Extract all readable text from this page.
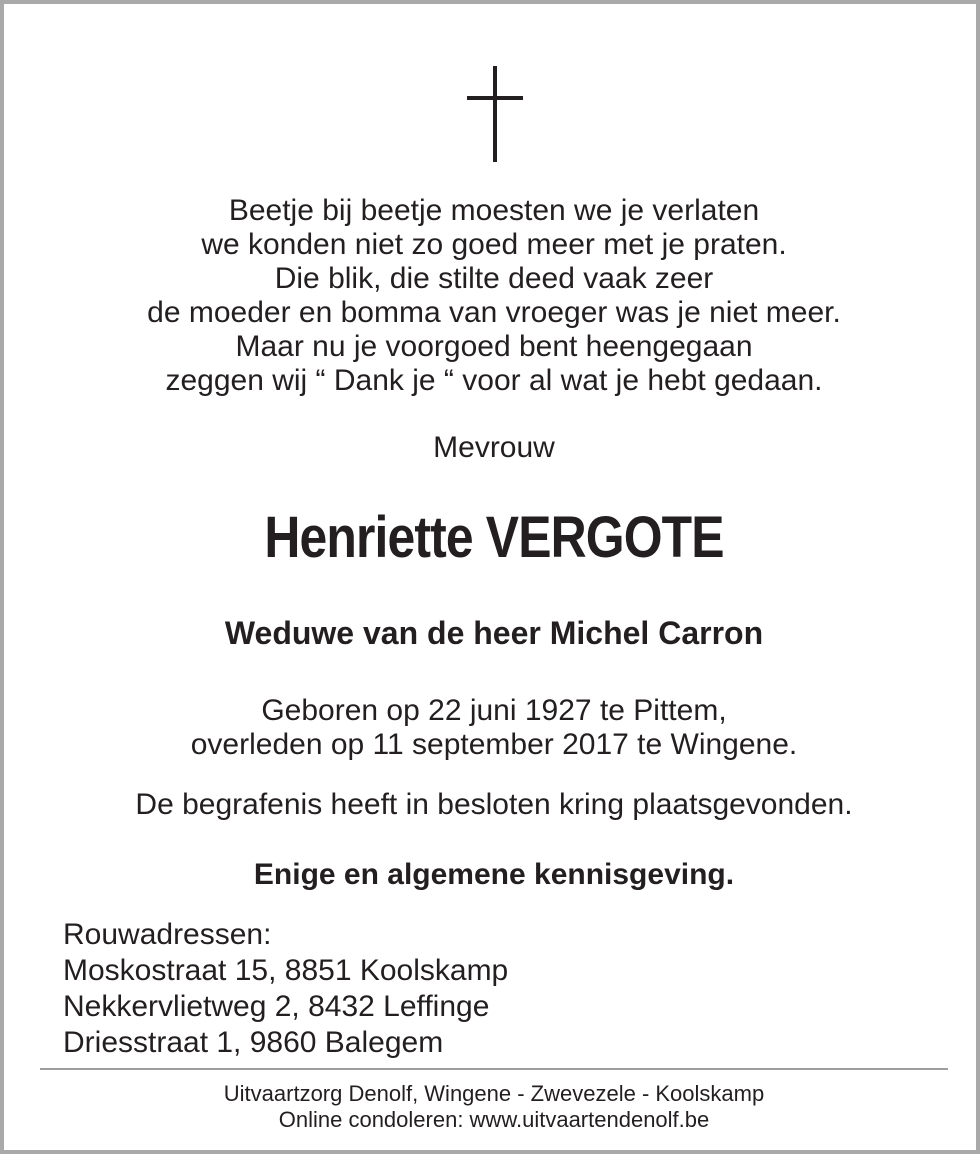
Beetje bij beetje moesten we je verlaten
we konden niet zo goed meer met je praten.
Die blik, die stilte deed vaak zeer
de moeder en bomma van vroeger was je niet meer.
Maar nu je voorgoed bent heengegaan
zeggen wij “ Dank je “ voor al wat je hebt gedaan.
Mevrouw
Henriette VERGOTE
Weduwe van de heer Michel Carron
Geboren op 22 juni 1927 te Pittem,
overleden op 11 september 2017 te Wingene.
De begrafenis heeft in besloten kring plaatsgevonden.
Enige en algemene kennisgeving.
Rouwadressen:
Moskostraat 15, 8851 Koolskamp
Nekkervlietweg 2, 8432 Leffinge
Driesstraat 1, 9860 Balegem
Uitvaartzorg Denolf, Wingene - Zwevezele - Koolskamp
Online condoleren: www.uitvaartendenolf.be
